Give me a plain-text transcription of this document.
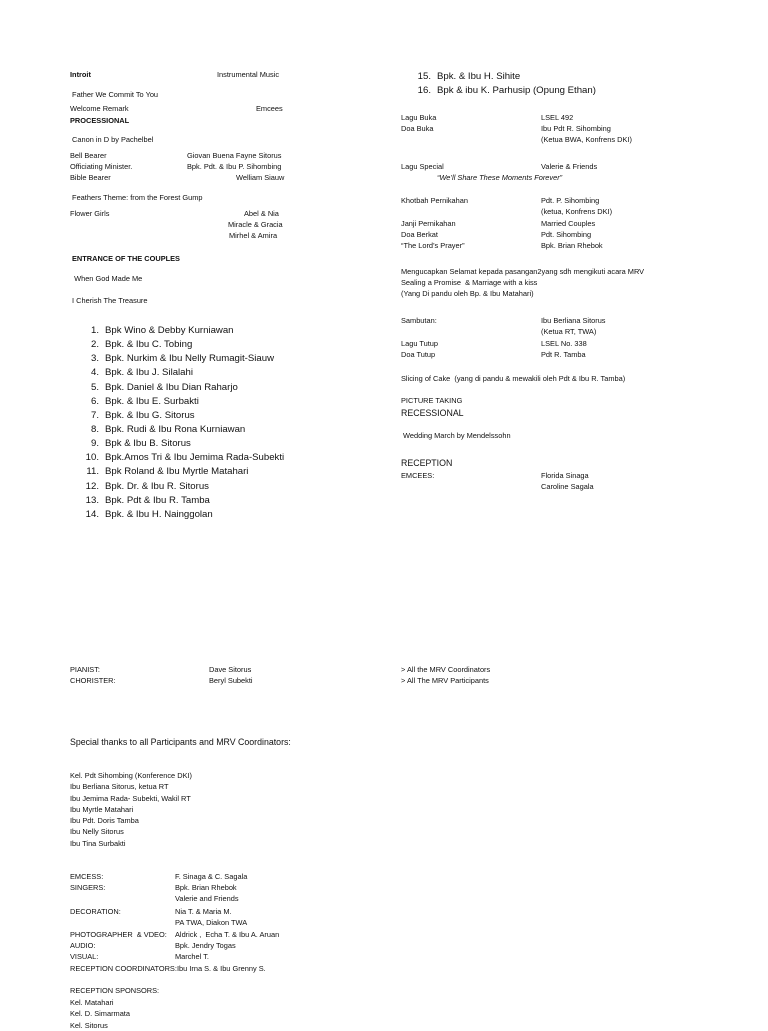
Introit	Instrumental Music
Father We Commit To You
Welcome Remark	Emcees
PROCESSIONAL
Canon in D by Pachelbel
Bell Bearer	Giovan Buena Fayne Sitorus
Officiating Minister.	Bpk. Pdt. & Ibu P. Sihombing
Bible Bearer	Welliam Siauw
Feathers Theme: from the Forest Gump
Flower Girls	Abel & Nia
Miracle & Gracia
Mirhel & Amira
ENTRANCE OF THE COUPLES
When God Made Me
I Cherish The Treasure
1. Bpk Wino & Debby Kurniawan
2. Bpk. & Ibu C. Tobing
3. Bpk. Nurkim & Ibu Nelly Rumagit-Siauw
4. Bpk. & Ibu J. Silalahi
5. Bpk. Daniel & Ibu Dian Raharjo
6. Bpk. & Ibu E. Surbakti
7. Bpk. & Ibu G. Sitorus
8. Bpk. Rudi & Ibu Rona Kurniawan
9. Bpk & Ibu B. Sitorus
10. Bpk.Amos Tri & Ibu Jemima Rada-Subekti
11. Bpk Roland & Ibu Myrtle Matahari
12. Bpk. Dr. & Ibu R. Sitorus
13. Bpk. Pdt & Ibu R. Tamba
14. Bpk. & Ibu H. Nainggolan
PIANIST:	Dave Sitorus
CHORISTER:	Beryl Subekti
15. Bpk. & Ibu H. Sihite
16. Bpk & ibu K. Parhusip (Opung Ethan)
Lagu Buka	LSEL 492
Doa Buka	Ibu Pdt R. Sihombing
(Ketua BWA, Konfrens DKI)
Lagu Special	Valerie & Friends
“We’ll Share These Moments Forever”
Khotbah Pernikahan	Pdt. P. Sihombing
(ketua, Konfrens DKI)
Janji Pernikahan	Married Couples
Doa Berkat	Pdt. Sihombing
“The Lord’s Prayer”	Bpk. Brian Rhebok
Mengucapkan Selamat kepada pasangan2yang sdh mengikuti acara MRV
Sealing a Promise  & Marriage with a kiss
(Yang Di pandu oleh Bp. & Ibu Matahari)
Sambutan:	Ibu Berliana Sitorus
(Ketua RT, TWA)
Lagu Tutup	LSEL No. 338
Doa Tutup	Pdt R. Tamba
Slicing of Cake  (yang di pandu & mewakili oleh Pdt & Ibu R. Tamba)
PICTURE TAKING
RECESSIONAL
Wedding March by Mendelssohn
RECEPTION
EMCEES:	Florida Sinaga
Caroline Sagala
> All the MRV Coordinators
> All The MRV Participants
Special thanks to all Participants and MRV Coordinators:
Kel. Pdt Sihombing (Konference DKI)
Ibu Berliana Sitorus, ketua RT
Ibu Jemima Rada- Subekti, Wakil RT
Ibu Myrtle Matahari
Ibu Pdt. Doris Tamba
Ibu Nelly Sitorus
Ibu Tina Surbakti
EMCESS:	F. Sinaga & C. Sagala
SINGERS:	Bpk. Brian Rhebok
Valerie and Friends
DECORATION:	Nia T. & Maria M.
PA TWA, Diakon TWA
PHOTOGRAPHER  & VDEO: Aldrick ,  Echa T. & Ibu A. Aruan
AUDIO:	Bpk. Jendry Togas
VISUAL:	Marchel T.
RECEPTION COORDINATORS: Ibu Irna S. & Ibu Grenny S.
RECEPTION SPONSORS:
Kel. Matahari
Kel. D. Simarmata
Kel. Sitorus
